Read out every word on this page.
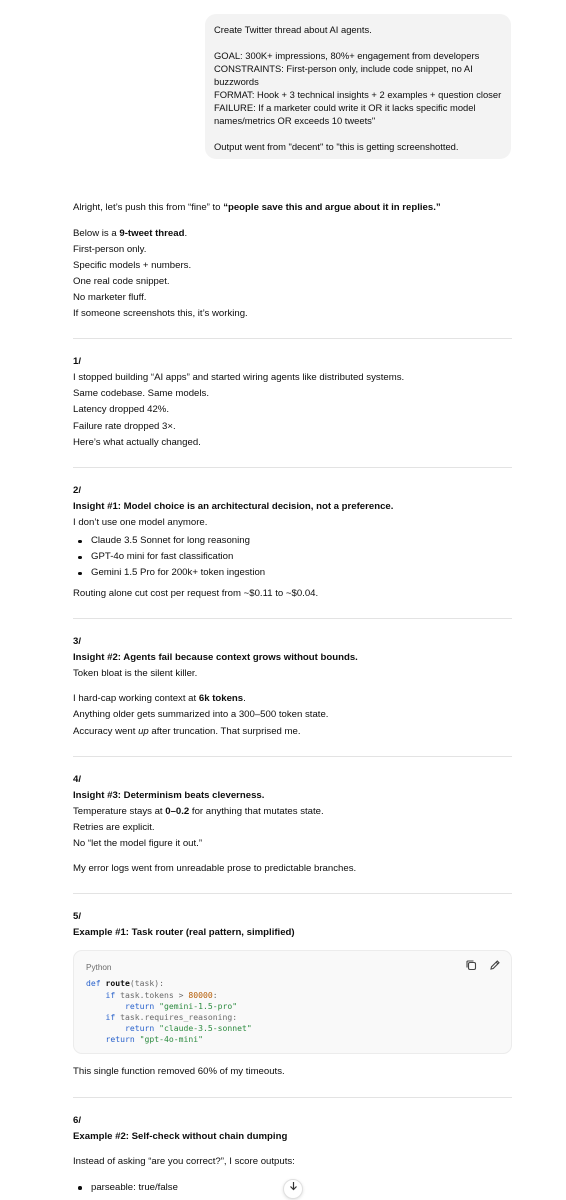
Create Twitter thread about AI agents.
GOAL: 300K+ impressions, 80%+ engagement from developers
CONSTRAINTS: First-person only, include code snippet, no AI
buzzwords
FORMAT: Hook + 3 technical insights + 2 examples + question closer
FAILURE: If a marketer could write it OR it lacks specific model
names/metrics OR exceeds 10 tweets"
Output went from "decent" to "this is getting screenshotted.

Alright, let’s push this from “fine” to “people save this and argue about it in replies.”

Below is a 9-tweet thread.
First-person only.
Specific models + numbers.
One real code snippet.
No marketer fluff.
If someone screenshots this, it’s working.
1/
I stopped building “AI apps” and started wiring agents like distributed systems.
Same codebase. Same models.
Latency dropped 42%.
Failure rate dropped 3×.
Here’s what actually changed.
2/
Insight #1: Model choice is an architectural decision, not a preference.
I don’t use one model anymore.
Claude 3.5 Sonnet for long reasoning
GPT-4o mini for fast classification
Gemini 1.5 Pro for 200k+ token ingestion
Routing alone cut cost per request from ~$0.11 to ~$0.04.
3/
Insight #2: Agents fail because context grows without bounds.
Token bloat is the silent killer.
I hard-cap working context at 6k tokens.
Anything older gets summarized into a 300–500 token state.
Accuracy went up after truncation. That surprised me.
4/
Insight #3: Determinism beats cleverness.
Temperature stays at 0–0.2 for anything that mutates state.
Retries are explicit.
No “let the model figure it out.”
My error logs went from unreadable prose to predictable branches.
5/
Example #1: Task router (real pattern, simplified)
Python
def route(task):
if task.tokens > 80000:
return "gemini-1.5-pro"
if task.requires_reasoning:
return "claude-3.5-sonnet"
return "gpt-4o-mini"
This single function removed 60% of my timeouts.
6/
Example #2: Self-check without chain dumping
Instead of asking “are you correct?”, I score outputs:
parseable: true/false
